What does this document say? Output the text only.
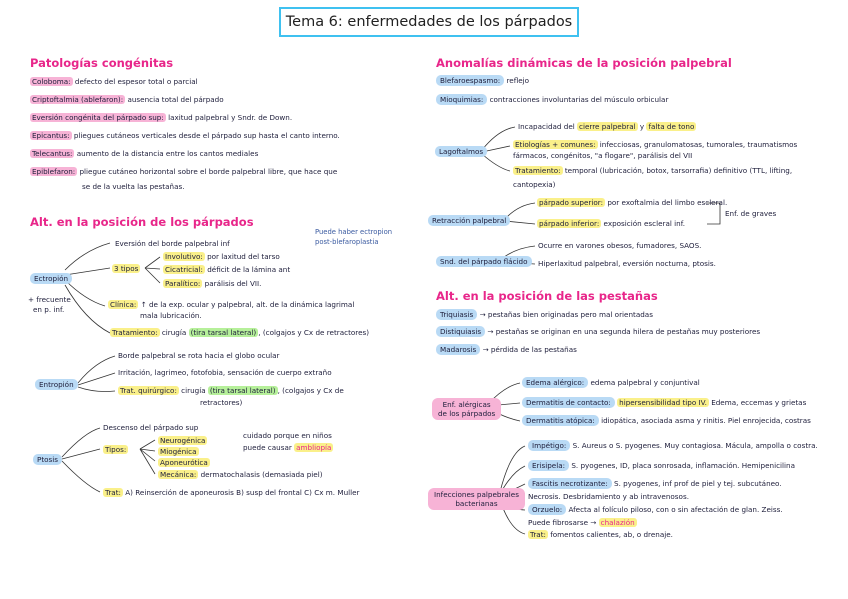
Tema 6: enfermedades de los párpados
Patologías congénitas
Coloboma: defecto del espesor total o parcial
Criptoftalmia (ablefaron): ausencia total del párpado
Eversión congénita del párpado sup: laxitud palpebral y Sndr. de Down.
Epicantus: pliegues cutáneos verticales desde el párpado sup hasta el canto interno.
Telecantus: aumento de la distancia entre los cantos mediales
Epiblefaron: pliegue cutáneo horizontal sobre el borde palpebral libre, que hace que
se de la vuelta las pestañas.
Alt. en la posición de los párpados
Puede haber ectropion
post-blefaroplastia
Eversión del borde palpebral inf
Ectropión
+ frecuente
en p. inf.
3 tipos
Involutivo: por laxitud del tarso
Cicatricial: déficit de la lámina ant
Paralítico: parálisis del VII.
Clínica: ↑ de la exp. ocular y palpebral, alt. de la dinámica lagrimal
mala lubricación.
Tratamiento: cirugía (tira tarsal lateral) , (colgajos y Cx de retractores)
Borde palpebral se rota hacia el globo ocular
Entropión
Irritación, lagrimeo, fotofobia, sensación de cuerpo extraño
Trat. quirúrgico: cirugía (tira tarsal lateral) , (colgajos y Cx de
retractores)
Descenso del párpado sup
Ptosis
Tipos:
Neurogénica
Miogénica
Aponeurótica
Mecánica: dermatochalasis (demasiada piel)
cuidado porque en niños
puede causar ambliopía
Trat: A) Reinserción de aponeurosis B) susp del frontal C) Cx m. Muller
Anomalías dinámicas de la posición palpebral
Blefaroespasmo: reflejo
Mioquimias: contracciones involuntarias del músculo orbicular
Incapacidad del cierre palpebral y falta de tono
Lagoftalmos
Etiologías + comunes: infecciosas, granulomatosas, tumorales, traumatismos
fármacos, congénitos, "a flogare", parálisis del VII
Tratamiento: temporal (lubricación, botox, tarsorrafia) definitivo (TTL, lifting,
cantopexia)
Retracción palpebral
párpado superior: por exoftalmia del limbo escleral.
párpado inferior: exposición escleral inf.
Enf. de graves
Snd. del párpado flácido
Ocurre en varones obesos, fumadores, SAOS.
Hiperlaxitud palpebral, eversión nocturna, ptosis.
Alt. en la posición de las pestañas
Triquiasis → pestañas bien originadas pero mal orientadas
Distiquiasis → pestañas se originan en una segunda hilera de pestañas muy posteriores
Madarosis → pérdida de las pestañas
Enf. alérgicas
de los párpados
Edema alérgico: edema palpebral y conjuntival
Dermatitis de contacto: hipersensibilidad tipo IV. Edema, eccemas y grietas
Dermatitis atópica: idiopática, asociada asma y rinitis. Piel enrojecida, costras
Infecciones palpebrales
bacterianas
Impétigo: S. Aureus o S. pyogenes. Muy contagiosa. Mácula, ampolla o costra.
Erisipela: S. pyogenes, ID, placa sonrosada, inflamación. Hemipenicilina
Fascitis necrotizante: S. pyogenes, inf prof de piel y tej. subcutáneo.
Necrosis. Desbridamiento y ab intravenosos.
Orzuelo: Afecta al folículo piloso, con o sin afectación de glan. Zeiss.
Puede fibrosarse → chalazión
Trat: fomentos calientes, ab, o drenaje.
